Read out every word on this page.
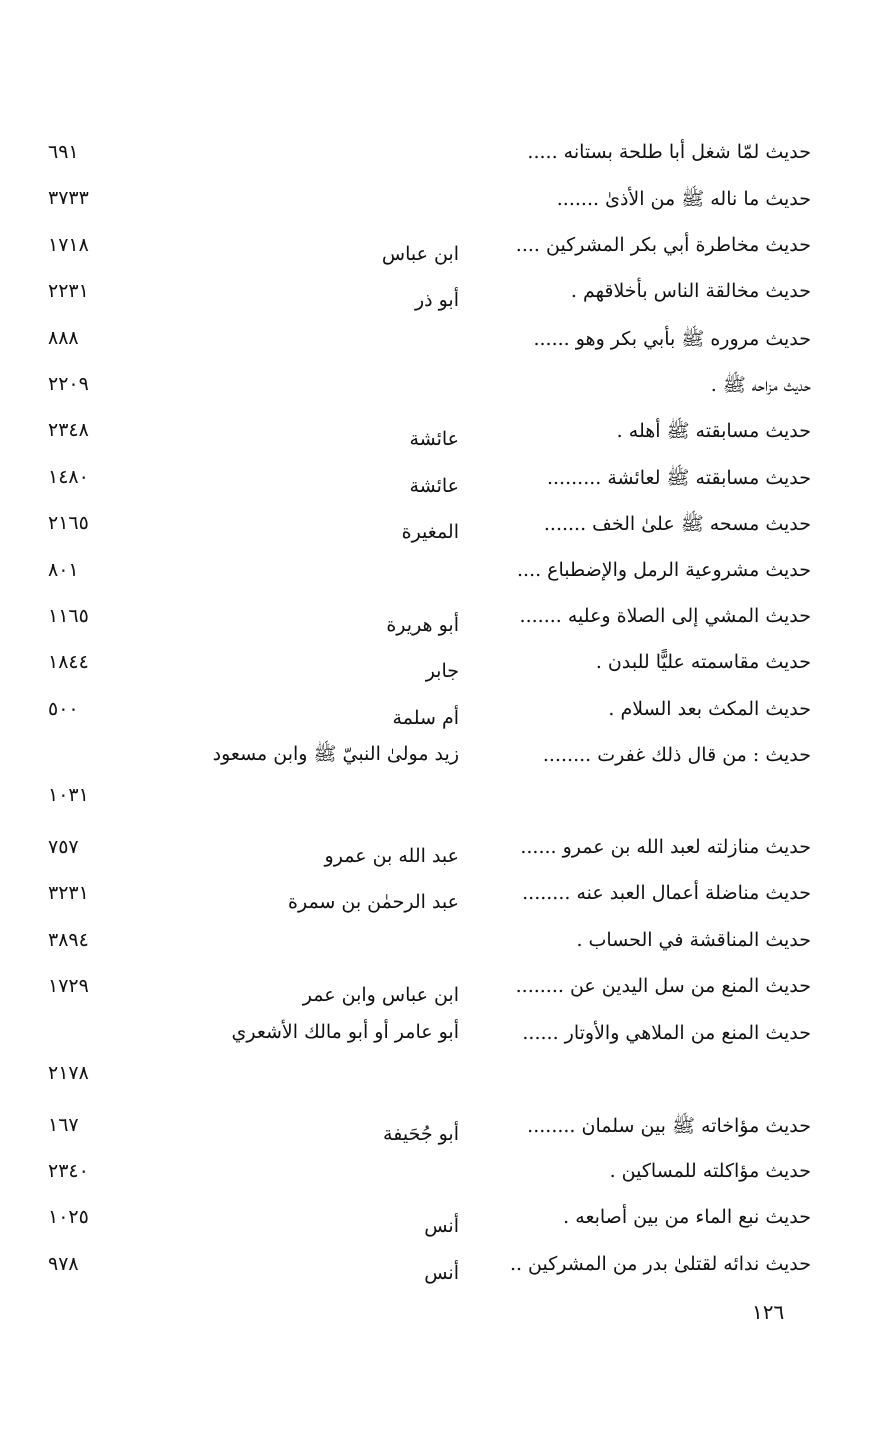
حديث لمّا شغل أبا طلحة بستانه .....
٦٩١
حديث ما ناله ﷺ من الأذىٰ .......
٣٧٣٣
حديث مخاطرة أبي بكر المشركين ....
ابن عباس
١٧١٨
حديث مخالقة الناس بأخلاقهم .
أبو ذر
٢٢٣١
حديث مروره ﷺ بأبي بكر وهو ......
٨٨٨
حديث مزاحه ﷺ .
٢٢٠٩
حديث مسابقته ﷺ أهله .
عائشة
٢٣٤٨
حديث مسابقته ﷺ لعائشة .........
عائشة
١٤٨٠
حديث مسحه ﷺ علىٰ الخف .......
المغيرة
٢١٦٥
حديث مشروعية الرمل والإضطباع ....
٨٠١
حديث المشي إلى الصلاة وعليه .......
أبو هريرة
١١٦٥
حديث مقاسمته عليًّا للبدن .
جابر
١٨٤٤
حديث المكث بعد السلام .
أم سلمة
٥٠٠
حديث : من قال ذلك غفرت ........
زيد مولىٰ النبيّ ﷺ وابن مسعود
١٠٣١
حديث منازلته لعبد الله بن عمرو ......
عبد الله بن عمرو
٧٥٧
حديث مناضلة أعمال العبد عنه ........
عبد الرحمٰن بن سمرة
٣٢٣١
حديث المناقشة في الحساب .
٣٨٩٤
حديث المنع من سل اليدين عن ........
ابن عباس وابن عمر
١٧٢٩
حديث المنع من الملاهي والأوتار ......
أبو عامر أو أبو مالك الأشعري
٢١٧٨
حديث مؤاخاته ﷺ بين سلمان ........
أبو جُحَيفة
١٦٧
حديث مؤاكلته للمساكين .
٢٣٤٠
حديث نبع الماء من بين أصابعه .
أنس
١٠٢٥
حديث ندائه لقتلىٰ بدر من المشركين ..
أنس
٩٧٨
١٢٦
